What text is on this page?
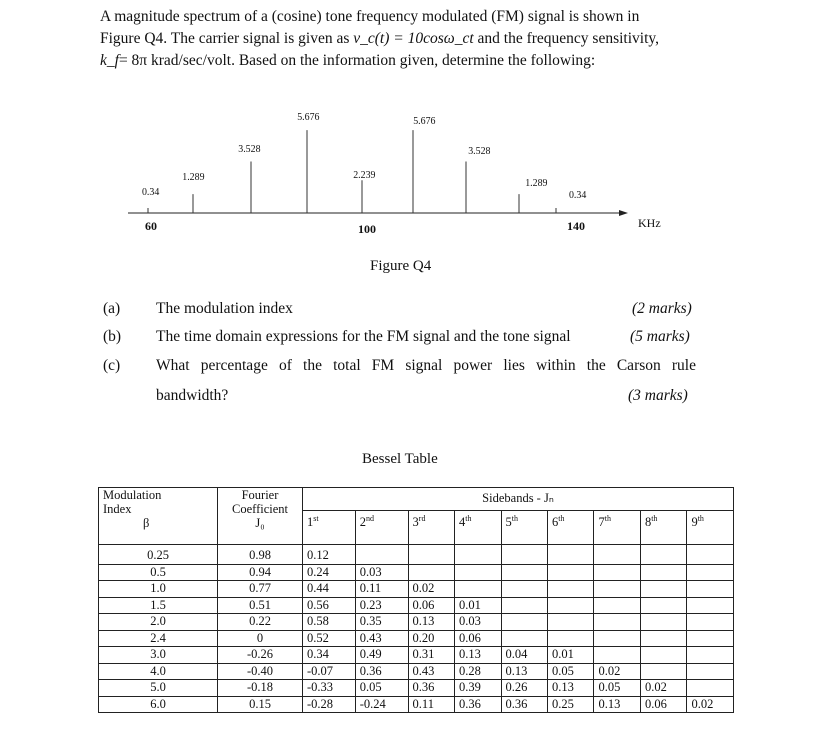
A magnitude spectrum of a (cosine) tone frequency modulated (FM) signal is shown in
Figure Q4. The carrier signal is given as v_c(t) = 10cosω_ct and the frequency sensitivity,
k_f= 8π krad/sec/volt. Based on the information given, determine the following:
60	100	140	KHz
0.34
1.289
3.528
5.676
2.239
5.676
3.528
1.289
0.34
Figure Q4
(a) The modulation index	(2 marks)
(b) The time domain expressions for the FM signal and the tone signal	(5 marks)
(c) What percentage of the total FM signal power lies within the Carson rule
bandwidth?	(3 marks)
Bessel Table
Modulation
Index
β	Fourier
Coefficient
J₀	Sidebands - Jₙ								
		1st	2nd	3rd	4th	5th	6th	7th	8th	9th
0.25	0.98	0.12								
0.5	0.94	0.24	0.03							
1.0	0.77	0.44	0.11	0.02						
1.5	0.51	0.56	0.23	0.06	0.01					
2.0	0.22	0.58	0.35	0.13	0.03					
2.4	0	0.52	0.43	0.20	0.06					
3.0	-0.26	0.34	0.49	0.31	0.13	0.04	0.01			
4.0	-0.40	-0.07	0.36	0.43	0.28	0.13	0.05	0.02		
5.0	-0.18	-0.33	0.05	0.36	0.39	0.26	0.13	0.05	0.02	
6.0	0.15	-0.28	-0.24	0.11	0.36	0.36	0.25	0.13	0.06	0.02
